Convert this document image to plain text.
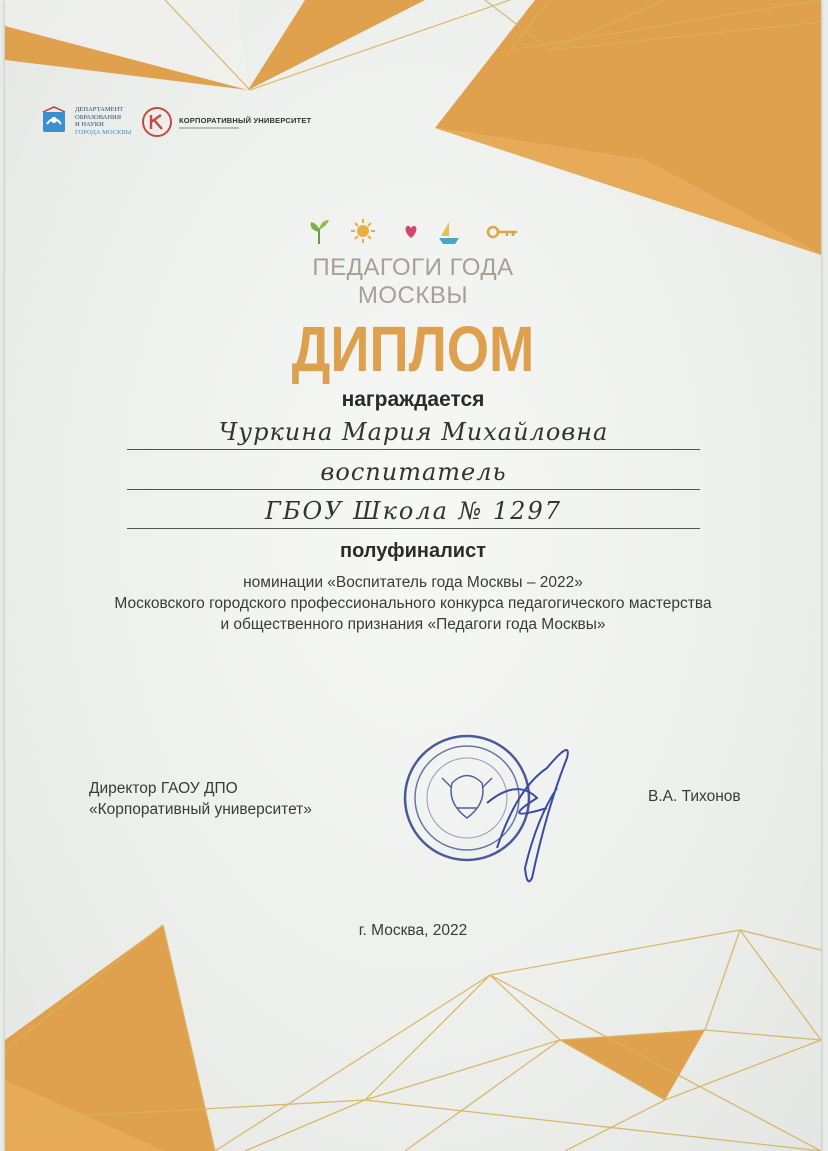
ДЕПАРТАМЕНТ
ОБРАЗОВАНИЯ
И НАУКИ
ГОРОДА МОСКВЫ
КОРПОРАТИВНЫЙ УНИВЕРСИТЕТ
ПЕДАГОГИ ГОДА
МОСКВЫ
ДИПЛОМ
награждается
Чуркина Мария Михайловна
воспитатель
ГБОУ Школа № 1297
полуфиналист
номинации «Воспитатель года Москвы – 2022»
Московского городского профессионального конкурса педагогического мастерства
и общественного признания «Педагоги года Москвы»
Директор ГАОУ ДПО
«Корпоративный университет»
В.А. Тихонов
г. Москва, 2022
